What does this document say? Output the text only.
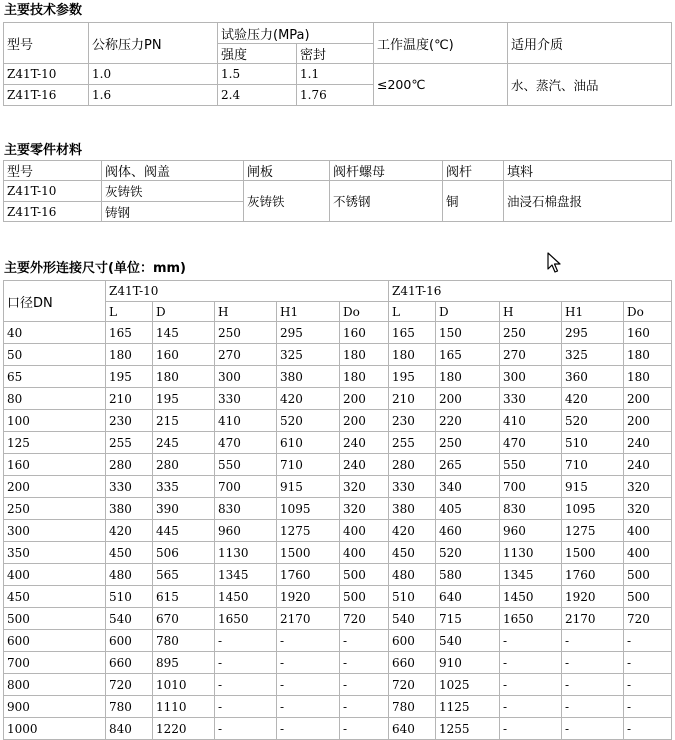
主要技术参数
型号	公称压力PN	试验压力(MPa)		工作温度(℃)	适用介质
		强度	密封		
Z41T-10	1.0	1.5	1.1	≤200℃	水、蒸汽、油品
Z41T-16	1.6	2.4	1.76		
主要零件材料
型号	阀体、阀盖	闸板	阀杆螺母	阀杆	填料
Z41T-10	灰铸铁	灰铸铁	不锈钢	铜	油浸石棉盘报
Z41T-16	铸钢				
主要外形连接尺寸(单位：mm)
口径DN	Z41T-10					Z41T-16				
	L	D	H	H1	Do	L	D	H	H1	Do
40	165	145	250	295	160	165	150	250	295	160
50	180	160	270	325	180	180	165	270	325	180
65	195	180	300	380	180	195	180	300	360	180
80	210	195	330	420	200	210	200	330	420	200
100	230	215	410	520	200	230	220	410	520	200
125	255	245	470	610	240	255	250	470	510	240
160	280	280	550	710	240	280	265	550	710	240
200	330	335	700	915	320	330	340	700	915	320
250	380	390	830	1095	320	380	405	830	1095	320
300	420	445	960	1275	400	420	460	960	1275	400
350	450	506	1130	1500	400	450	520	1130	1500	400
400	480	565	1345	1760	500	480	580	1345	1760	500
450	510	615	1450	1920	500	510	640	1450	1920	500
500	540	670	1650	2170	720	540	715	1650	2170	720
600	600	780	-	-	-	600	540	-	-	-
700	660	895	-	-	-	660	910	-	-	-
800	720	1010	-	-	-	720	1025	-	-	-
900	780	1110	-	-	-	780	1125	-	-	-
1000	840	1220	-	-	-	640	1255	-	-	-
